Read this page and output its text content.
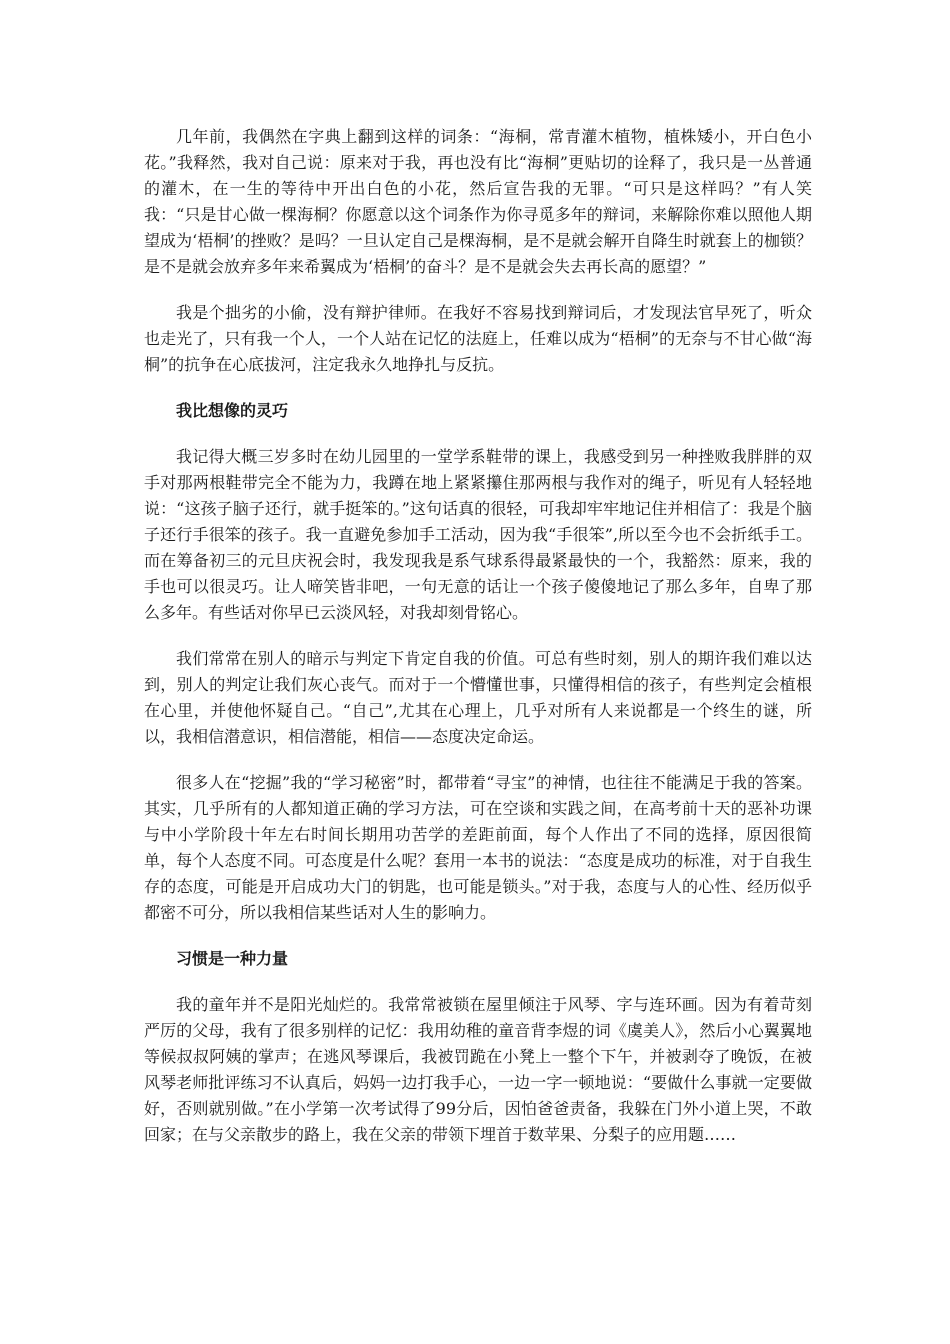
几年前，我偶然在字典上翻到这样的词条：“海桐，常青灌木植物，植株矮小，开白色小花。”我释然，我对自己说：原来对于我，再也没有比“海桐”更贴切的诠释了，我只是一丛普通的灌木，在一生的等待中开出白色的小花，然后宣告我的无罪。“可只是这样吗？”有人笑我：“只是甘心做一棵海桐？你愿意以这个词条作为你寻觅多年的辩词，来解除你难以照他人期望成为‘梧桐’的挫败？是吗？一旦认定自己是棵海桐，是不是就会解开自降生时就套上的枷锁？是不是就会放弃多年来希翼成为‘梧桐’的奋斗？是不是就会失去再长高的愿望？”

我是个拙劣的小偷，没有辩护律师。在我好不容易找到辩词后，才发现法官早死了，听众也走光了，只有我一个人，一个人站在记忆的法庭上，任难以成为“梧桐”的无奈与不甘心做“海桐”的抗争在心底拔河，注定我永久地挣扎与反抗。

我比想像的灵巧

我记得大概三岁多时在幼儿园里的一堂学系鞋带的课上，我感受到另一种挫败我胖胖的双手对那两根鞋带完全不能为力，我蹲在地上紧紧攥住那两根与我作对的绳子，听见有人轻轻地说：“这孩子脑子还行，就手挺笨的。”这句话真的很轻，可我却牢牢地记住并相信了：我是个脑子还行手很笨的孩子。我一直避免参加手工活动，因为我“手很笨”,所以至今也不会折纸手工。而在筹备初三的元旦庆祝会时，我发现我是系气球系得最紧最快的一个，我豁然：原来，我的手也可以很灵巧。让人啼笑皆非吧，一句无意的话让一个孩子傻傻地记了那么多年，自卑了那么多年。有些话对你早已云淡风轻，对我却刻骨铭心。

我们常常在别人的暗示与判定下肯定自我的价值。可总有些时刻，别人的期许我们难以达到，别人的判定让我们灰心丧气。而对于一个懵懂世事，只懂得相信的孩子，有些判定会植根在心里，并使他怀疑自己。“自己”,尤其在心理上，几乎对所有人来说都是一个终生的谜，所以，我相信潜意识，相信潜能，相信——态度决定命运。

很多人在“挖掘”我的“学习秘密”时，都带着“寻宝”的神情，也往往不能满足于我的答案。其实，几乎所有的人都知道正确的学习方法，可在空谈和实践之间，在高考前十天的恶补功课与中小学阶段十年左右时间长期用功苦学的差距前面，每个人作出了不同的选择，原因很简单，每个人态度不同。可态度是什么呢？套用一本书的说法：“态度是成功的标准，对于自我生存的态度，可能是开启成功大门的钥匙，也可能是锁头。”对于我，态度与人的心性、经历似乎都密不可分，所以我相信某些话对人生的影响力。

习惯是一种力量

我的童年并不是阳光灿烂的。我常常被锁在屋里倾注于风琴、字与连环画。因为有着苛刻严厉的父母，我有了很多别样的记忆：我用幼稚的童音背李煜的词《虞美人》，然后小心翼翼地等候叔叔阿姨的掌声；在逃风琴课后，我被罚跪在小凳上一整个下午，并被剥夺了晚饭，在被风琴老师批评练习不认真后，妈妈一边打我手心，一边一字一顿地说：“要做什么事就一定要做好，否则就别做。”在小学第一次考试得了99分后，因怕爸爸责备，我躲在门外小道上哭，不敢回家；在与父亲散步的路上，我在父亲的带领下埋首于数苹果、分梨子的应用题……
